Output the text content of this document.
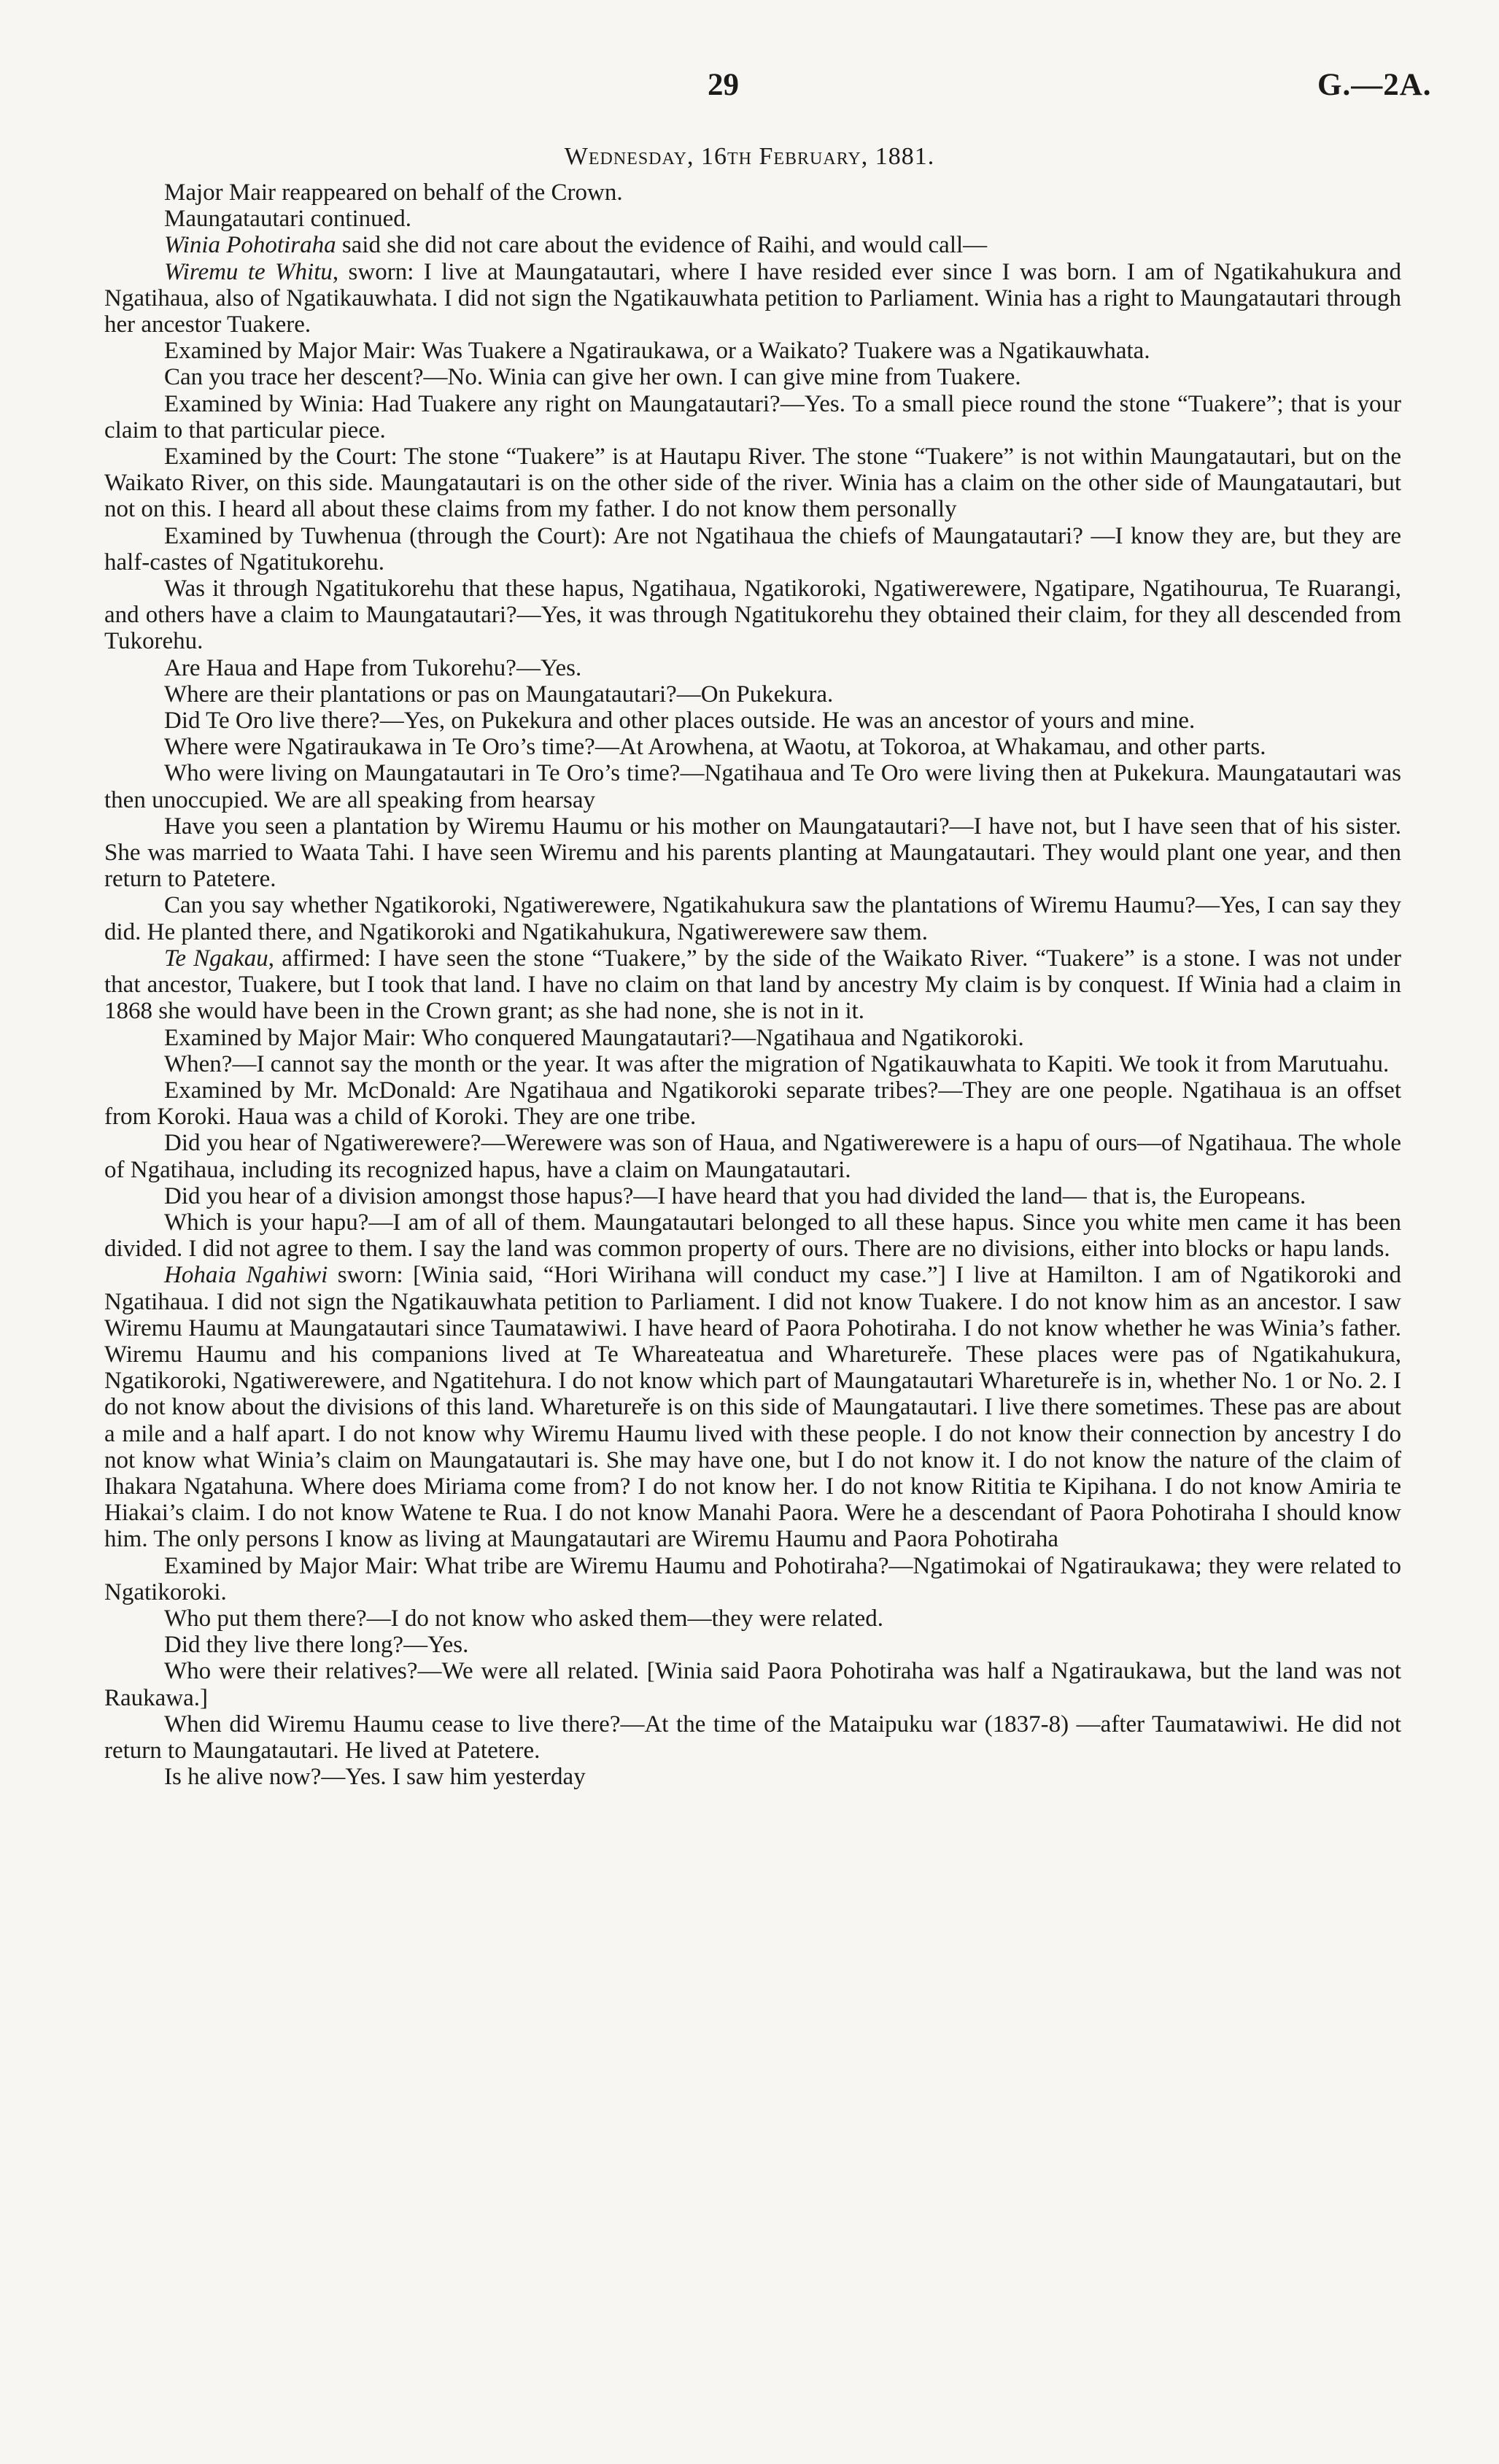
29	G.—2A.
Wednesday, 16th February, 1881.

Major Mair reappeared on behalf of the Crown.

Maungatautari continued.

Winia Pohotiraha said she did not care about the evidence of Raihi, and would call—

Wiremu te Whitu, sworn: I live at Maungatautari, where I have resided ever since I was born. I am of Ngatikahukura and Ngatihaua, also of Ngatikauwhata. I did not sign the Ngatikauwhata petition to Parliament. Winia has a right to Maungatautari through her ancestor Tuakere.

Examined by Major Mair: Was Tuakere a Ngatiraukawa, or a Waikato? Tuakere was a Ngatikauwhata.

Can you trace her descent?—No. Winia can give her own. I can give mine from Tuakere.

Examined by Winia: Had Tuakere any right on Maungatautari?—Yes. To a small piece round the stone “Tuakere”; that is your claim to that particular piece.

Examined by the Court: The stone “Tuakere” is at Hautapu River. The stone “Tuakere” is not within Maungatautari, but on the Waikato River, on this side. Maungatautari is on the other side of the river. Winia has a claim on the other side of Maungatautari, but not on this. I heard all about these claims from my father. I do not know them personally

Examined by Tuwhenua (through the Court): Are not Ngatihaua the chiefs of Maungatautari? —I know they are, but they are half-castes of Ngatitukorehu.

Was it through Ngatitukorehu that these hapus, Ngatihaua, Ngatikoroki, Ngatiwerewere, Ngatipare, Ngatihourua, Te Ruarangi, and others have a claim to Maungatautari?—Yes, it was through Ngatitukorehu they obtained their claim, for they all descended from Tukorehu.

Are Haua and Hape from Tukorehu?—Yes.

Where are their plantations or pas on Maungatautari?—On Pukekura.

Did Te Oro live there?—Yes, on Pukekura and other places outside. He was an ancestor of yours and mine.

Where were Ngatiraukawa in Te Oro’s time?—At Arowhena, at Waotu, at Tokoroa, at Whakamau, and other parts.

Who were living on Maungatautari in Te Oro’s time?—Ngatihaua and Te Oro were living then at Pukekura. Maungatautari was then unoccupied. We are all speaking from hearsay

Have you seen a plantation by Wiremu Haumu or his mother on Maungatautari?—I have not, but I have seen that of his sister. She was married to Waata Tahi. I have seen Wiremu and his parents planting at Maungatautari. They would plant one year, and then return to Patetere.

Can you say whether Ngatikoroki, Ngatiwerewere, Ngatikahukura saw the plantations of Wiremu Haumu?—Yes, I can say they did. He planted there, and Ngatikoroki and Ngatikahukura, Ngatiwerewere saw them.

Te Ngakau, affirmed: I have seen the stone “Tuakere,” by the side of the Waikato River. “Tuakere” is a stone. I was not under that ancestor, Tuakere, but I took that land. I have no claim on that land by ancestry My claim is by conquest. If Winia had a claim in 1868 she would have been in the Crown grant; as she had none, she is not in it.

Examined by Major Mair: Who conquered Maungatautari?—Ngatihaua and Ngatikoroki.

When?—I cannot say the month or the year. It was after the migration of Ngatikauwhata to Kapiti. We took it from Marutuahu.

Examined by Mr. McDonald: Are Ngatihaua and Ngatikoroki separate tribes?—They are one people. Ngatihaua is an offset from Koroki. Haua was a child of Koroki. They are one tribe.

Did you hear of Ngatiwerewere?—Werewere was son of Haua, and Ngatiwerewere is a hapu of ours—of Ngatihaua. The whole of Ngatihaua, including its recognized hapus, have a claim on Maungatautari.

Did you hear of a division amongst those hapus?—I have heard that you had divided the land— that is, the Europeans.

Which is your hapu?—I am of all of them. Maungatautari belonged to all these hapus. Since you white men came it has been divided. I did not agree to them. I say the land was common property of ours. There are no divisions, either into blocks or hapu lands.

Hohaia Ngahiwi sworn: [Winia said, “Hori Wirihana will conduct my case.”] I live at Hamilton. I am of Ngatikoroki and Ngatihaua. I did not sign the Ngatikauwhata petition to Parliament. I did not know Tuakere. I do not know him as an ancestor. I saw Wiremu Haumu at Maungatautari since Taumatawiwi. I have heard of Paora Pohotiraha. I do not know whether he was Winia’s father. Wiremu Haumu and his companions lived at Te Whareateatua and Wharetureře. These places were pas of Ngatikahukura, Ngatikoroki, Ngatiwerewere, and Ngatitehura. I do not know which part of Maungatautari Wharetureře is in, whether No. 1 or No. 2. I do not know about the divisions of this land. Wharetureře is on this side of Maungatautari. I live there sometimes. These pas are about a mile and a half apart. I do not know why Wiremu Haumu lived with these people. I do not know their connection by ancestry I do not know what Winia’s claim on Maungatautari is. She may have one, but I do not know it. I do not know the nature of the claim of Ihakara Ngatahuna. Where does Miriama come from? I do not know her. I do not know Rititia te Kipihana. I do not know Amiria te Hiakai’s claim. I do not know Watene te Rua. I do not know Manahi Paora. Were he a descendant of Paora Pohotiraha I should know him. The only persons I know as living at Maungatautari are Wiremu Haumu and Paora Pohotiraha

Examined by Major Mair: What tribe are Wiremu Haumu and Pohotiraha?—Ngatimokai of Ngatiraukawa; they were related to Ngatikoroki.

Who put them there?—I do not know who asked them—they were related.

Did they live there long?—Yes.

Who were their relatives?—We were all related. [Winia said Paora Pohotiraha was half a Ngatiraukawa, but the land was not Raukawa.]

When did Wiremu Haumu cease to live there?—At the time of the Mataipuku war (1837-8) —after Taumatawiwi. He did not return to Maungatautari. He lived at Patetere.

Is he alive now?—Yes. I saw him yesterday
